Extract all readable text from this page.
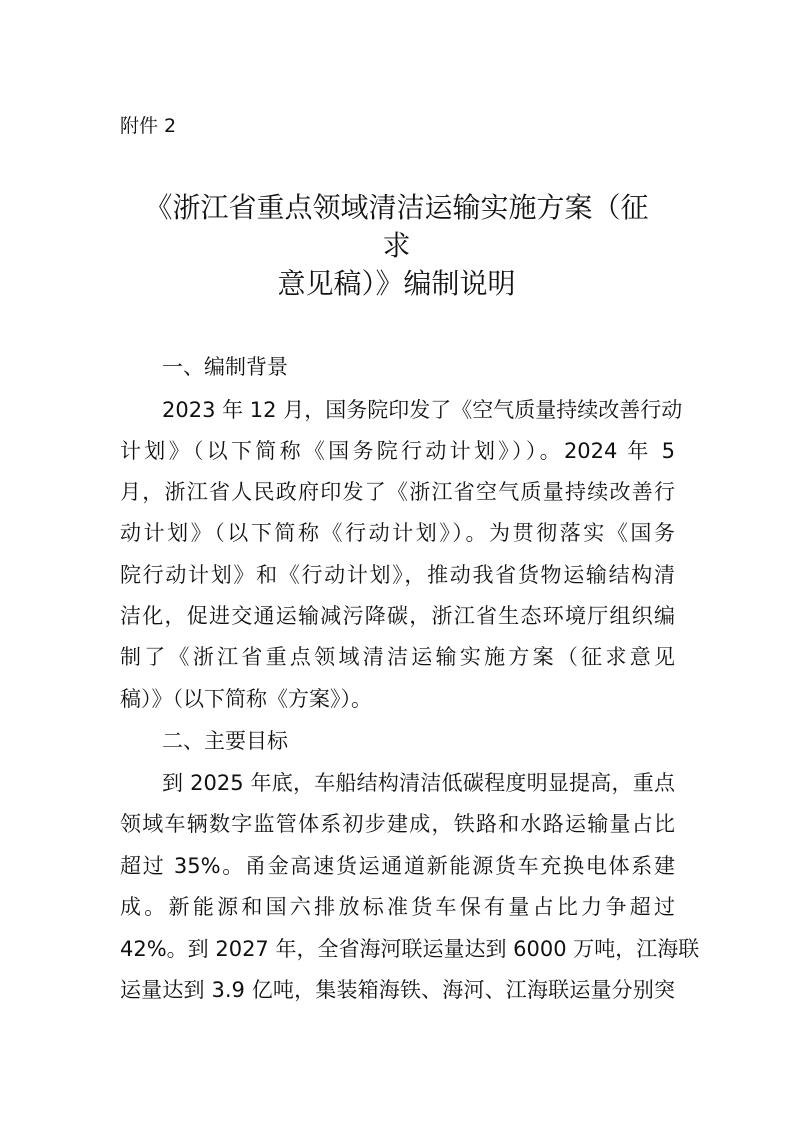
附件 2
《浙江省重点领域清洁运输实施方案（征
求
意见稿）》编制说明
一、编制背景
2023 年 12 月，国务院印发了《空气质量持续改善行动
计划》（以下简称《国务院行动计划》））。2024 年 5
月，浙江省人民政府印发了《浙江省空气质量持续改善行
动计划》（以下简称《行动计划》）。为贯彻落实《国务
院行动计划》和《行动计划》，推动我省货物运输结构清
洁化，促进交通运输减污降碳，浙江省生态环境厅组织编
制了《浙江省重点领域清洁运输实施方案（征求意见
稿）》（以下简称《方案》）。
二、主要目标
到 2025 年底，车船结构清洁低碳程度明显提高，重点
领域车辆数字监管体系初步建成，铁路和水路运输量占比
超过 35%。甬金高速货运通道新能源货车充换电体系建
成。新能源和国六排放标准货车保有量占比力争超过
42%。到 2027 年，全省海河联运量达到 6000 万吨，江海联
运量达到 3.9 亿吨，集装箱海铁、海河、江海联运量分别突
